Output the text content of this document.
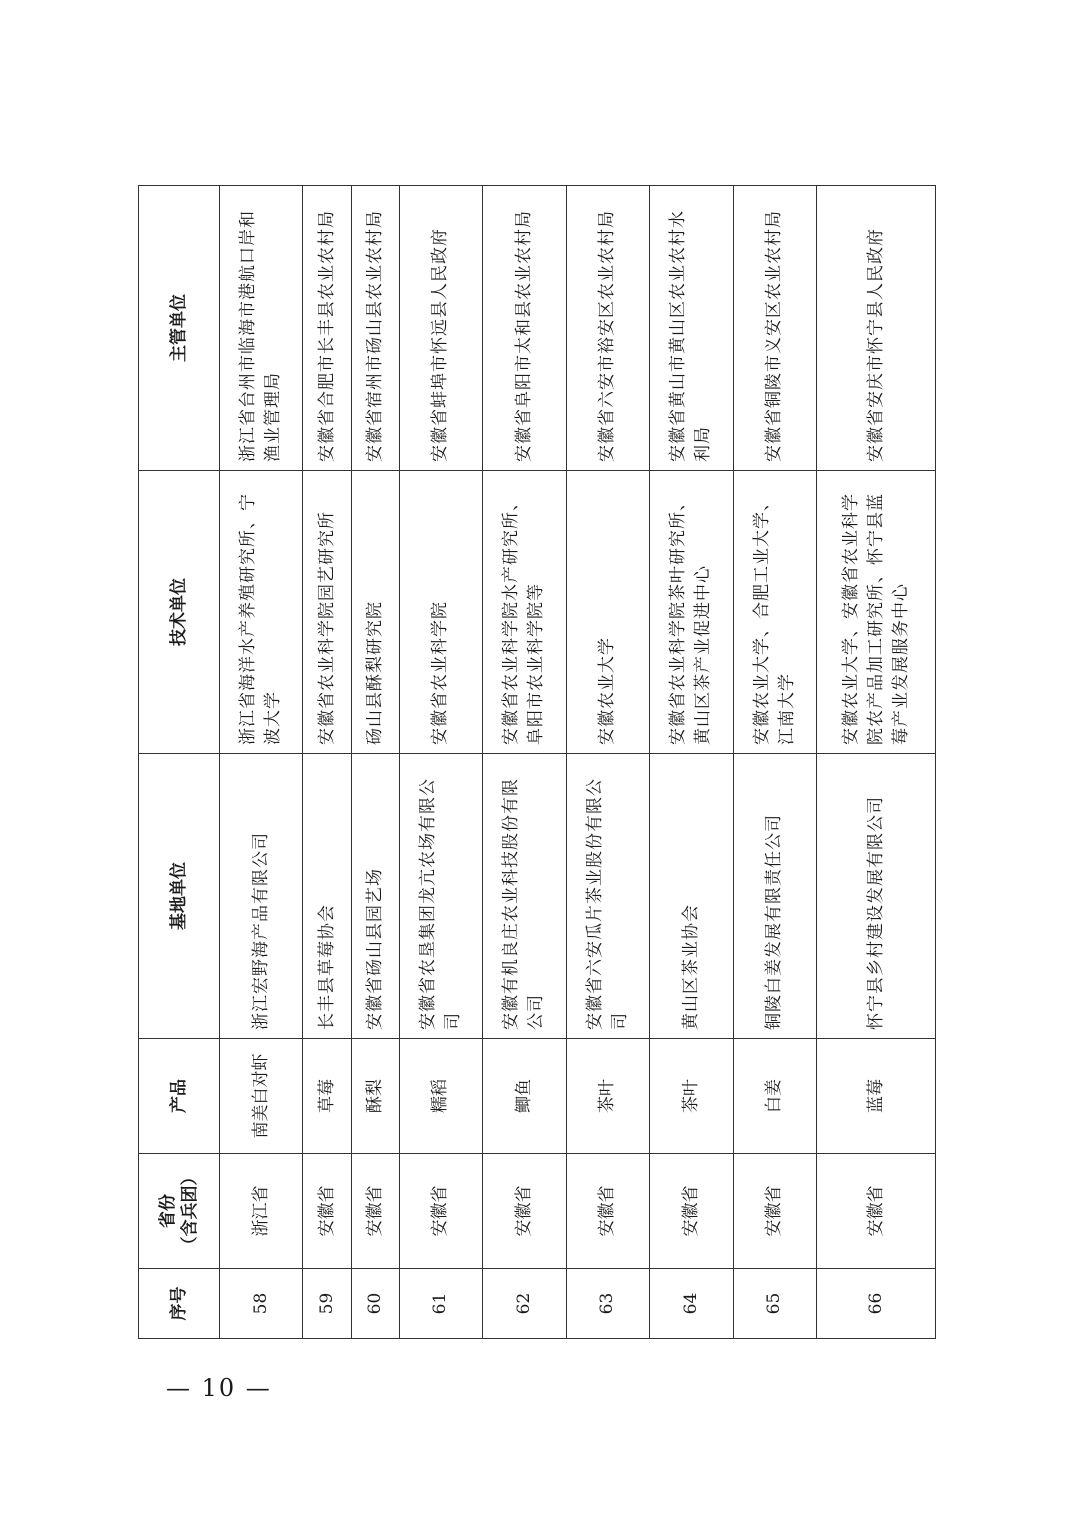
序号	省份 （含兵团）	产品	基地单位	技术单位	主管单位
58	浙江省	南美白对虾	浙江宏野海产品有限公司	浙江省海洋水产养殖研究所、宁波大学	浙江省台州市临海市港航口岸和渔业管理局
59	安徽省	草莓	长丰县草莓协会	安徽省农业科学院园艺研究所	安徽省合肥市长丰县农业农村局
60	安徽省	酥梨	安徽省砀山县园艺场	砀山县酥梨研究院	安徽省宿州市砀山县农业农村局
61	安徽省	糯稻	安徽省农垦集团龙亢农场有限公司	安徽省农业科学院	安徽省蚌埠市怀远县人民政府
62	安徽省	鲫鱼	安徽有机良庄农业科技股份有限公司	安徽省农业科学院水产研究所、阜阳市农业科学院等	安徽省阜阳市太和县农业农村局
63	安徽省	茶叶	安徽省六安瓜片茶业股份有限公司	安徽农业大学	安徽省六安市裕安区农业农村局
64	安徽省	茶叶	黄山区茶业协会	安徽省农业科学院茶叶研究所、黄山区茶产业促进中心	安徽省黄山市黄山区农业农村水利局
65	安徽省	白姜	铜陵白姜发展有限责任公司	安徽农业大学、合肥工业大学、江南大学	安徽省铜陵市义安区农业农村局
66	安徽省	蓝莓	怀宁县乡村建设发展有限公司	安徽农业大学、安徽省农业科学院农产品加工研究所、怀宁县蓝莓产业发展服务中心	安徽省安庆市怀宁县人民政府
— 10 —
